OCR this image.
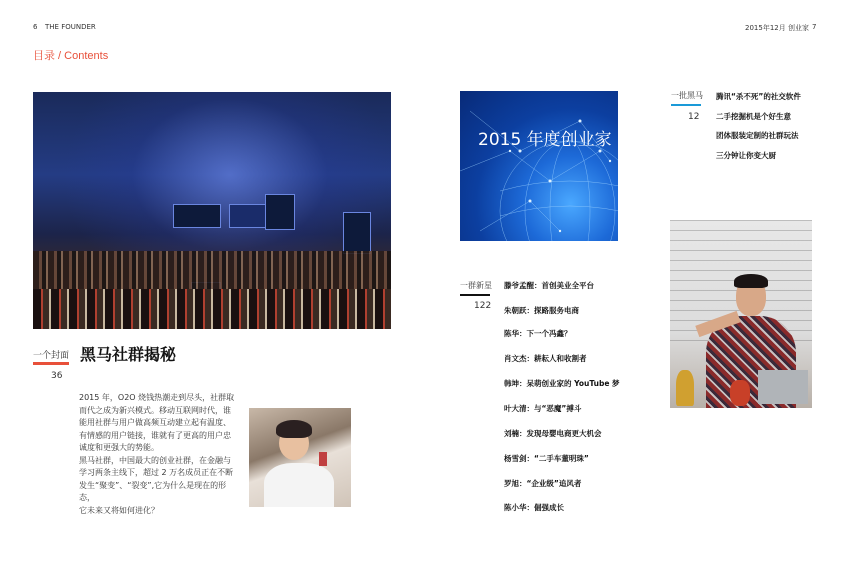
6 THE FOUNDER	2015年12月 创业家 7
目录 / Contents
一个封面 黑马社群揭秘
36
2015 年，O2O 烧钱热潮走到尽头，社群取
而代之成为新兴模式。移动互联网时代，谁
能用社群与用户做高频互动建立起有温度、
有情感的用户链接，谁就有了更高的用户忠
诚度和更强大的势能。
黑马社群，中国最大的创业社群，在金融与
学习两条主线下，超过 2 万名成员正在不断
发生“聚变”、“裂变”,它为什么是现在的形态，
它未来又将如何进化？
2015 年度创业家
一批黑马
12
腾讯“杀不死”的社交软件
二手挖掘机是个好生意
团体服装定制的社群玩法
三分钟让你变大厨
一群新星
122
滕爷孟醒：首创美业全平台
朱朝跃：探路服务电商
陈华：下一个冯鑫？
肖文杰：耕耘人和收割者
韩坤：呆萌创业家的 YouTube 梦
叶大清：与“恶魔”搏斗
刘楠：发现母婴电商更大机会
杨雪剑：“二手车董明珠”
罗旭：“企业级”追风者
陈小华：倔强成长
